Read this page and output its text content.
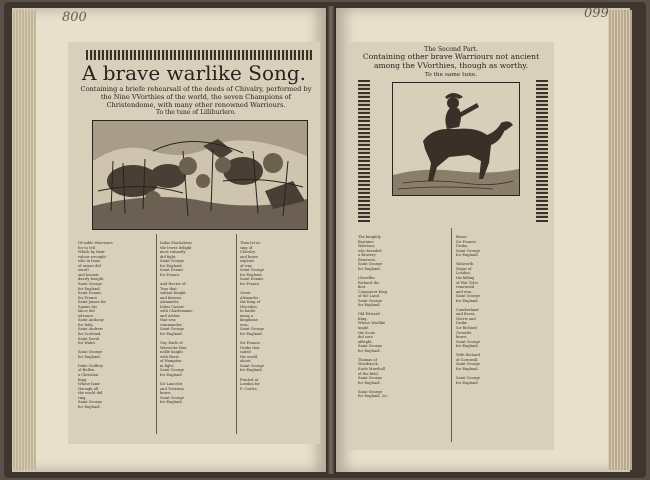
800	099
A brave warlike Song.
Containing a briefe rehearsall of the deeds of Chivalry, performed by the Nine VVorthies of the world, the seven Champions of Christendome, with many other renowned Warriours.
To the tune of Lilliburlero.

Of noble Warriours
for to tell
Which by their
valour wrought
who in feats
of armes did
excell
and honour
dearly bought
Saint George
for England,
Saint Dennis
for France.
Saint James for
Spaine his
lance did
advance,
Saint Anthony
for Italy,
Saint Andrew
for Scotland,
Saint David
for Wales.

Saint George
for England.

Duke Godfrey
of Bullen
a Christian
King
Whose fame
through all
the world did
ring,
Saint George
for England.

Iudas Machabeus
the Iewes delight
most valiantly
did fight,
Saint George
for England,
Saint Dennis
for France.

And Hector of
Troy that
valiant Knight
and famous
Alexander,
Iulius Caesar
with Charlemaine
and Arthur
that was
commander,
Saint George
for England.

Guy Earle of
Warwicke that
noble knight
with Bevis
of Hampton
in fight,
Saint George
for England.

Sir Lancelot
and Tristram
brave,
Saint George
for England.

Then let us
sing of
Chivalry
and brave
exploits
of war,
Saint George
for England,
Saint Dennis
for France.

Great
Alexander
the King of
Macedon,
In battle
many a
kingdome
won,
Saint George
for England.

Sir Francis
Drake that
sailed
the world
about,
Saint George
for England.

Printed at
London for
F. Coules.

The Second Part.
Containing other brave Warriours not ancient among the VVorthies, though as worthy.
To the same tune.

The knightly
Brytaine
Warriour,
who founded
a Bravery
Renowne,
Saint George
for England.

Llewellin
Richard the
first
Conqueror King
of the Land,
Saint George
for England.

Old Edward
King,
Whose Warlike
might
the Scots
did sore
affright,
Saint George
for England.

Thomas of
Woodstock,
Earle Marshall
of the field,
Saint George
for England.

Saint George
for England, &c.

Brave
Sir Francis
Drake,
Saint George
for England.

Walworth
Major of
London,
the killing
of Wat Tyler
renowned
and won,
Saint George
for England.

Cumberland
and Essex,
Norris and
Drake
Sir Richard
Grenvile
brave,
Saint George
for England.

With Richard
of Cornwall,
Saint George
for England.

Saint George
for England.
